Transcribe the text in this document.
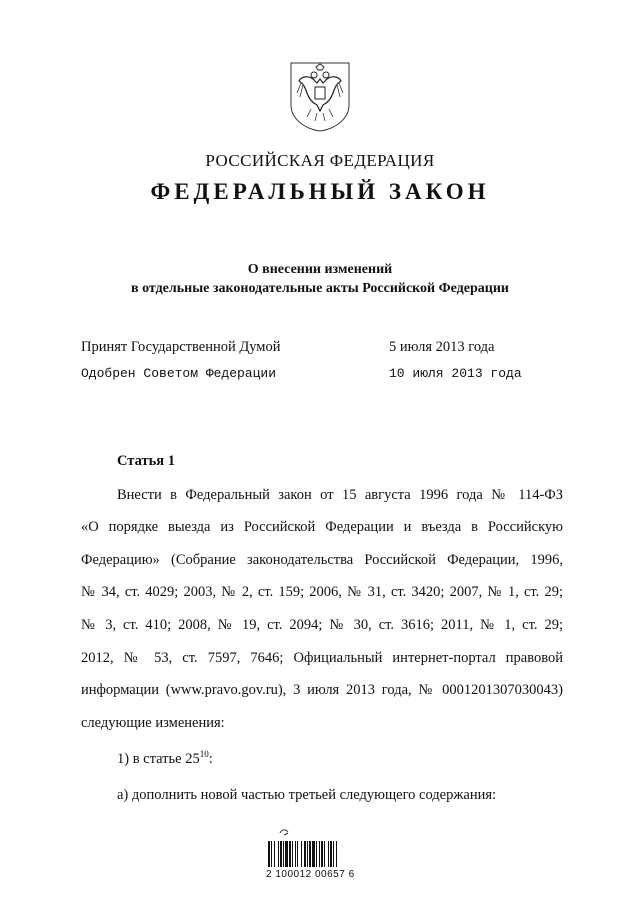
РОССИЙСКАЯ ФЕДЕРАЦИЯ
ФЕДЕРАЛЬНЫЙ ЗАКОН
О внесении изменений
в отдельные законодательные акты Российской Федерации
Принят Государственной Думой	5 июля 2013 года
Одобрен Советом Федерации	10 июля 2013 года
Статья 1
Внести в Федеральный закон от 15 августа 1996 года № 114-ФЗ
«О порядке выезда из Российской Федерации и въезда в Российскую
Федерацию» (Собрание законодательства Российской Федерации, 1996,
№ 34, ст. 4029; 2003, № 2, ст. 159; 2006, № 31, ст. 3420; 2007, № 1, ст. 29;
№ 3, ст. 410; 2008, № 19, ст. 2094; № 30, ст. 3616; 2011, № 1, ст. 29;
2012, № 53, ст. 7597, 7646; Официальный интернет-портал правовой
информации (www.pravo.gov.ru), 3 июля 2013 года, № 0001201307030043)
следующие изменения:
1) в статье $25^{10}$:
а) дополнить новой частью третьей следующего содержания:
2 100012 00657 6
